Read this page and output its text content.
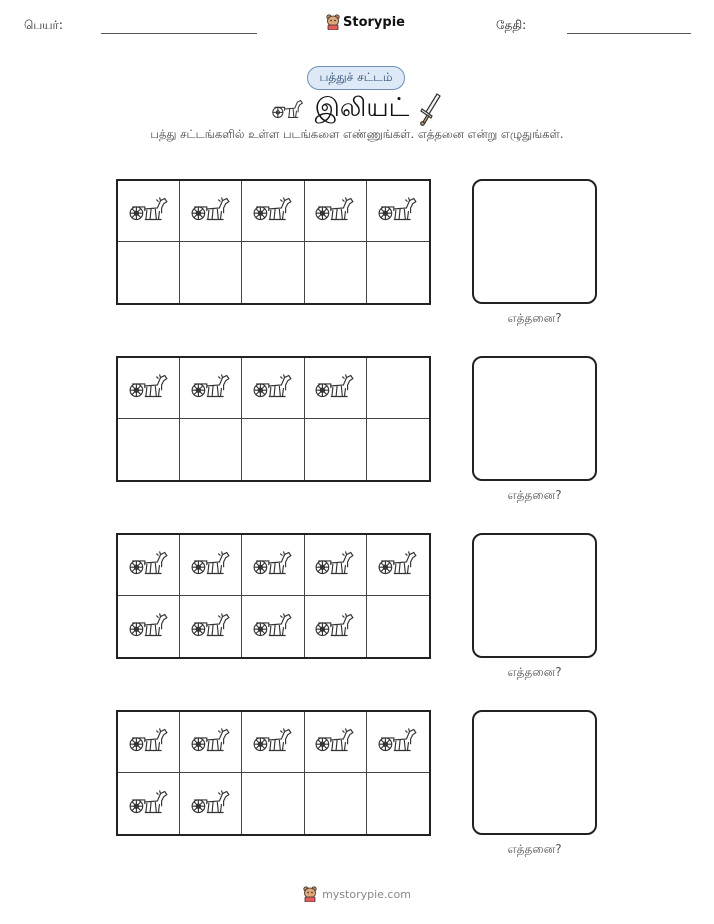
பெயர்:	Storypie	தேதி:
பத்துச் சட்டம்
இலியட்
பத்து சட்டங்களில் உள்ள படங்களை எண்ணுங்கள். எத்தனை என்று எழுதுங்கள்.
எத்தனை?
எத்தனை?
எத்தனை?
எத்தனை?
mystorypie.com
